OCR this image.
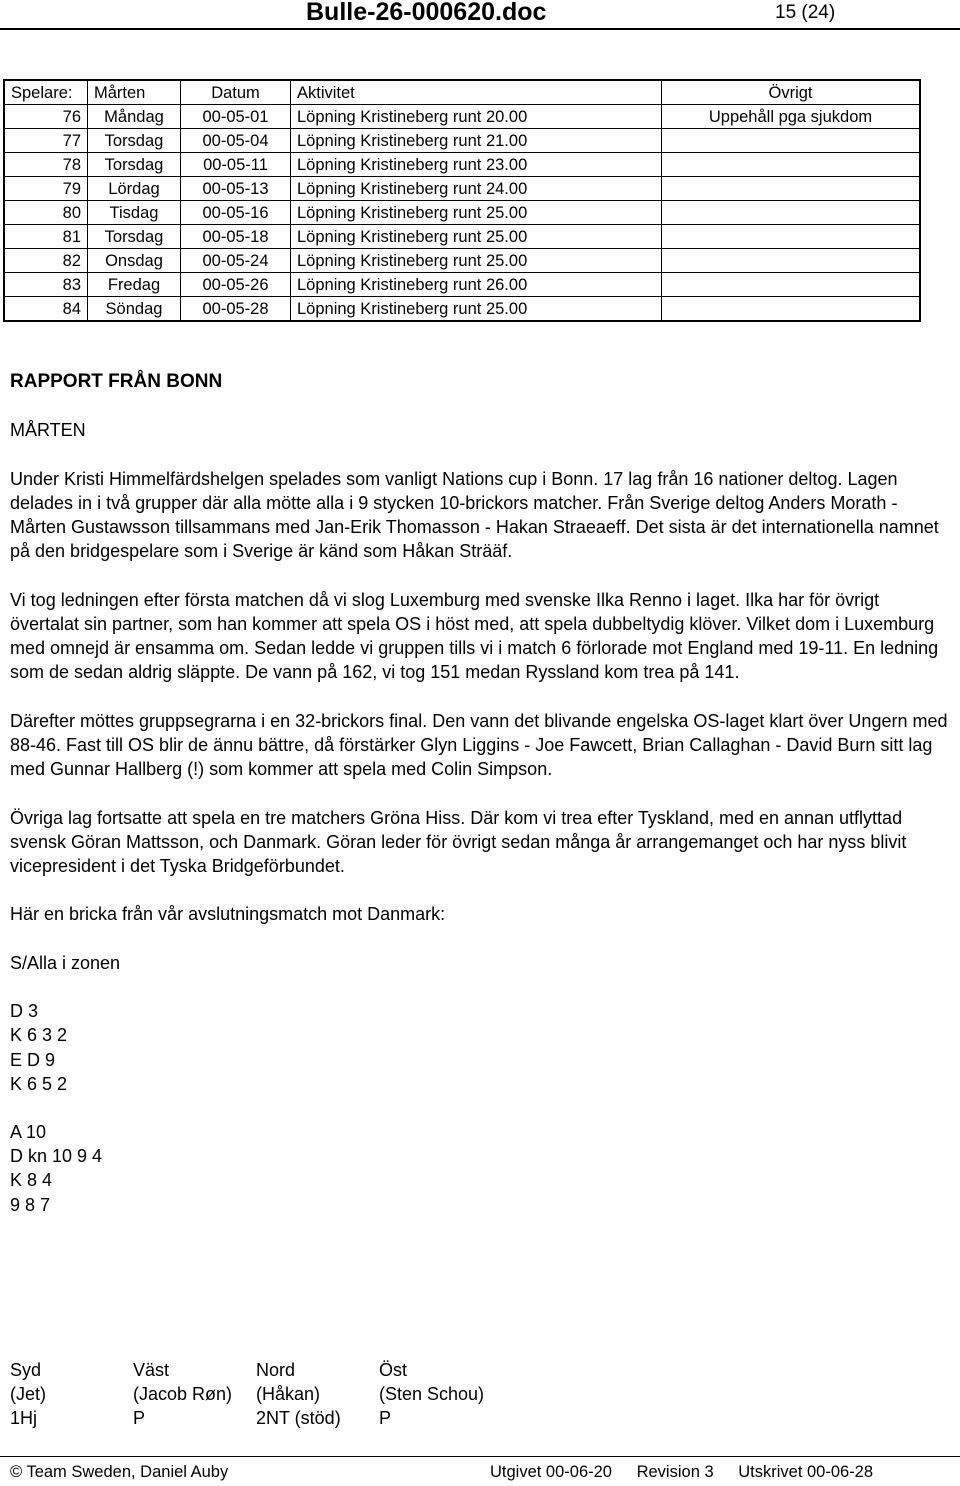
Bulle-26-000620.doc	15 (24)
Spelare:	Mårten	Datum	Aktivitet	Övrigt
76	Måndag	00-05-01	Löpning Kristineberg runt 20.00	Uppehåll pga sjukdom
77	Torsdag	00-05-04	Löpning Kristineberg runt 21.00	
78	Torsdag	00-05-11	Löpning Kristineberg runt 23.00	
79	Lördag	00-05-13	Löpning Kristineberg runt 24.00	
80	Tisdag	00-05-16	Löpning Kristineberg runt 25.00	
81	Torsdag	00-05-18	Löpning Kristineberg runt 25.00	
82	Onsdag	00-05-24	Löpning Kristineberg runt 25.00	
83	Fredag	00-05-26	Löpning Kristineberg runt 26.00	
84	Söndag	00-05-28	Löpning Kristineberg runt 25.00	

RAPPORT FRÅN BONN

MÅRTEN

Under Kristi Himmelfärdshelgen spelades som vanligt Nations cup i Bonn. 17 lag från 16 nationer deltog. Lagen delades in i två grupper där alla mötte alla i 9 stycken 10-brickors matcher. Från Sverige deltog Anders Morath - Mårten Gustawsson tillsammans med Jan-Erik Thomasson - Hakan Straeaeff. Det sista är det internationella namnet på den bridgespelare som i Sverige är känd som Håkan Strääf.

Vi tog ledningen efter första matchen då vi slog Luxemburg med svenske Ilka Renno i laget. Ilka har för övrigt övertalat sin partner, som han kommer att spela OS i höst med, att spela dubbeltydig klöver. Vilket dom i Luxemburg med omnejd är ensamma om. Sedan ledde vi gruppen tills vi i match 6 förlorade mot England med 19-11. En ledning som de sedan aldrig släppte. De vann på 162, vi tog 151 medan Ryssland kom trea på 141.

Därefter möttes gruppsegrarna i en 32-brickors final. Den vann det blivande engelska OS-laget klart över Ungern med 88-46. Fast till OS blir de ännu bättre, då förstärker Glyn Liggins - Joe Fawcett, Brian Callaghan - David Burn sitt lag med Gunnar Hallberg (!) som kommer att spela med Colin Simpson.

Övriga lag fortsatte att spela en tre matchers Gröna Hiss. Där kom vi trea efter Tyskland, med en annan utflyttad svensk Göran Mattsson, och Danmark. Göran leder för övrigt sedan många år arrangemanget och har nyss blivit vicepresident i det Tyska Bridgeförbundet.

Här en bricka från vår avslutningsmatch mot Danmark:

S/Alla i zonen

D 3
K 6 3 2
E D 9
K 6 5 2
A 10
D kn 10 9 4
K 8 4
9 8 7
Syd	Väst	Nord	Öst
(Jet)	(Jacob Røn)	(Håkan)	(Sten Schou)
1Hj	P	2NT (stöd)	P
© Team Sweden, Daniel Auby	Utgivet 00-06-20 Revision 3 Utskrivet 00-06-28
